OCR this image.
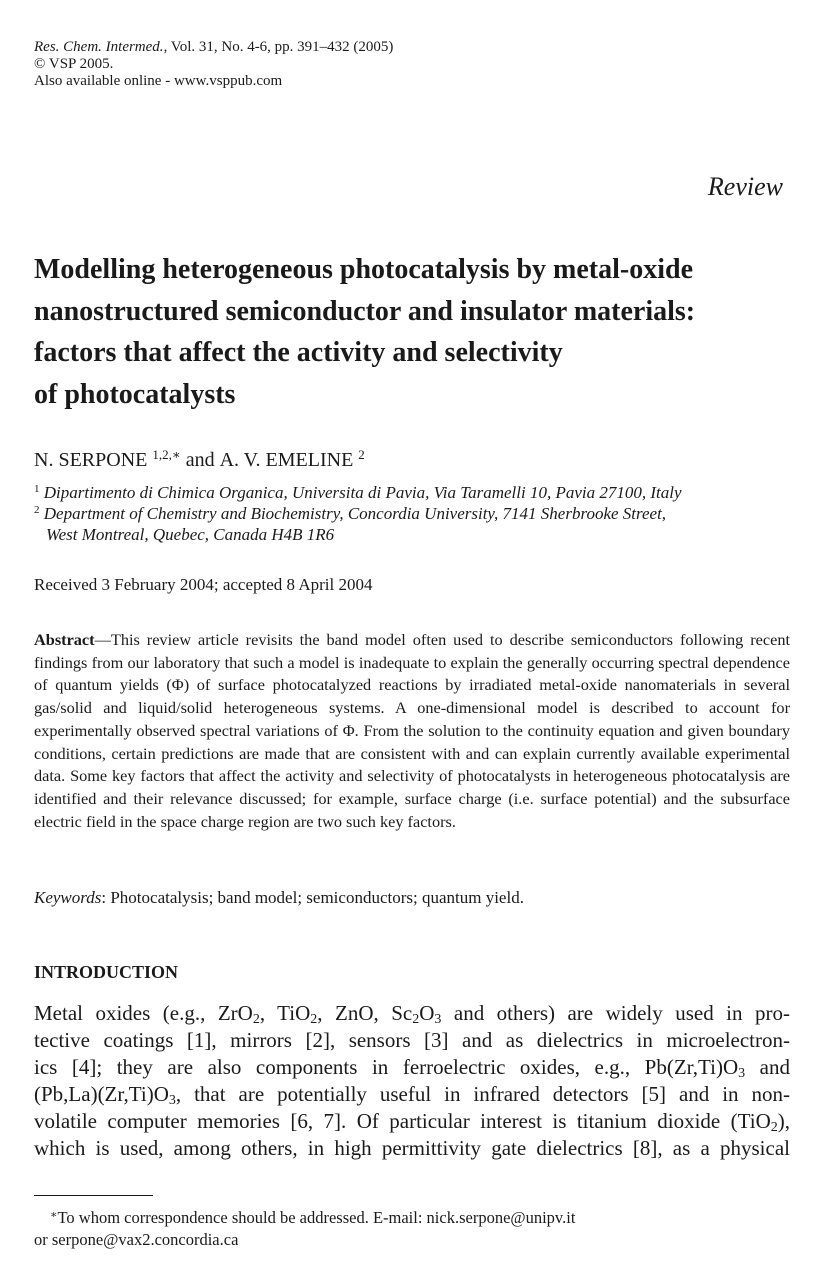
Res. Chem. Intermed., Vol. 31, No. 4-6, pp. 391–432 (2005)
© VSP 2005.
Also available online - www.vsppub.com
Review
Modelling heterogeneous photocatalysis by metal-oxide
nanostructured semiconductor and insulator materials:
factors that affect the activity and selectivity
of photocatalysts
N. SERPONE $^{1,2,∗}$ and A. V. EMELINE $^2$
$^1$ Dipartimento di Chimica Organica, Universita di Pavia, Via Taramelli 10, Pavia 27100, Italy
$^2$ Department of Chemistry and Biochemistry, Concordia University, 7141 Sherbrooke Street,
West Montreal, Quebec, Canada H4B 1R6
Received 3 February 2004; accepted 8 April 2004
Abstract—This review article revisits the band model often used to describe semiconductors following recent findings from our laboratory that such a model is inadequate to explain the generally occurring spectral dependence of quantum yields (Φ) of surface photocatalyzed reactions by irradiated metal-oxide nanomaterials in several gas/solid and liquid/solid heterogeneous systems. A one-dimensional model is described to account for experimentally observed spectral variations of Φ. From the solution to the continuity equation and given boundary conditions, certain predictions are made that are consistent with and can explain currently available experimental data. Some key factors that affect the activity and selectivity of photocatalysts in heterogeneous photocatalysis are identified and their relevance discussed; for example, surface charge (i.e. surface potential) and the subsurface electric field in the space charge region are two such key factors.
Keywords: Photocatalysis; band model; semiconductors; quantum yield.
INTRODUCTION
Metal oxides (e.g., ZrO$_2$, TiO$_2$, ZnO, $Sc_2O_3$ and others) are widely used in pro-
tective coatings [1], mirrors [2], sensors [3] and as dielectrics in microelectron-
ics [4]; they are also components in ferroelectric oxides, e.g., $Pb(Zr,Ti)O_3$ and
$(Pb,La)(Zr,Ti)O_3$, that are potentially useful in infrared detectors [5] and in non-
volatile computer memories [6, 7]. Of particular interest is titanium dioxide (TiO$_2$),
which is used, among others, in high permittivity gate dielectrics [8], as a physical
∗To whom correspondence should be addressed. E-mail: nick.serpone@unipv.it
or serpone@vax2.concordia.ca
